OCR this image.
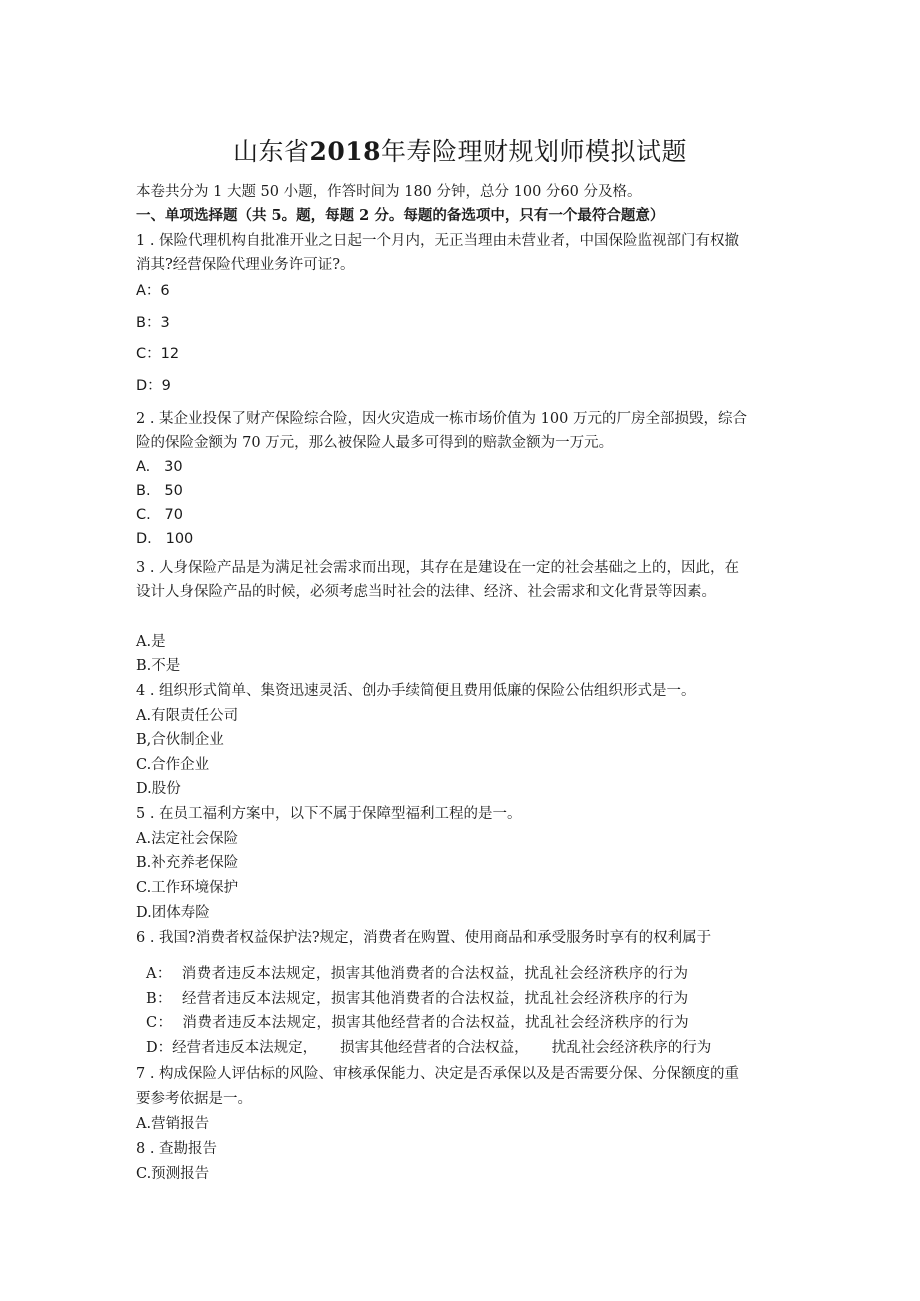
山东省2018年寿险理财规划师模拟试题
本卷共分为 1 大题 50 小题，作答时间为 180 分钟，总分 100 分60 分及格。
一、单项选择题（共 5。题，每题 2 分。每题的备选项中，只有一个最符合题意）
1 . 保险代理机构自批准开业之日起一个月内，无正当理由未营业者，中国保险监视部门有权撤
消其?经营保险代理业务许可证?。
A：6
B：3
C：12
D：9
2 . 某企业投保了财产保险综合险，因火灾造成一栋市场价值为 100 万元的厂房全部损毁，综合
险的保险金额为 70 万元，那么被保险人最多可得到的赔款金额为一万元。
A.   30
B.   50
C.   70
D.   100
3 . 人身保险产品是为满足社会需求而出现，其存在是建设在一定的社会基础之上的，因此，在
设计人身保险产品的时候，必须考虑当时社会的法律、经济、社会需求和文化背景等因素。
A.是
B.不是
4 . 组织形式简单、集资迅速灵活、创办手续简便且费用低廉的保险公估组织形式是一。
A.有限责任公司
B,合伙制企业
C.合作企业
D.股份
5 . 在员工福利方案中，以下不属于保障型福利工程的是一。
A.法定社会保险
B.补充养老保险
C.工作环境保护
D.团体寿险
6 . 我国?消费者权益保护法?规定，消费者在购置、使用商品和承受服务时享有的权利属于
A：  消费者违反本法规定，损害其他消费者的合法权益，扰乱社会经济秩序的行为
B：  经营者违反本法规定，损害其他消费者的合法权益，扰乱社会经济秩序的行为
C：  消费者违反本法规定，损害其他经营者的合法权益，扰乱社会经济秩序的行为
D：经营者违反本法规定，     损害其他经营者的合法权益，     扰乱社会经济秩序的行为
7 . 构成保险人评估标的风险、审核承保能力、决定是否承保以及是否需要分保、分保额度的重
要参考依据是一。
A.营销报告
8 . 查勘报告
C.预测报告
